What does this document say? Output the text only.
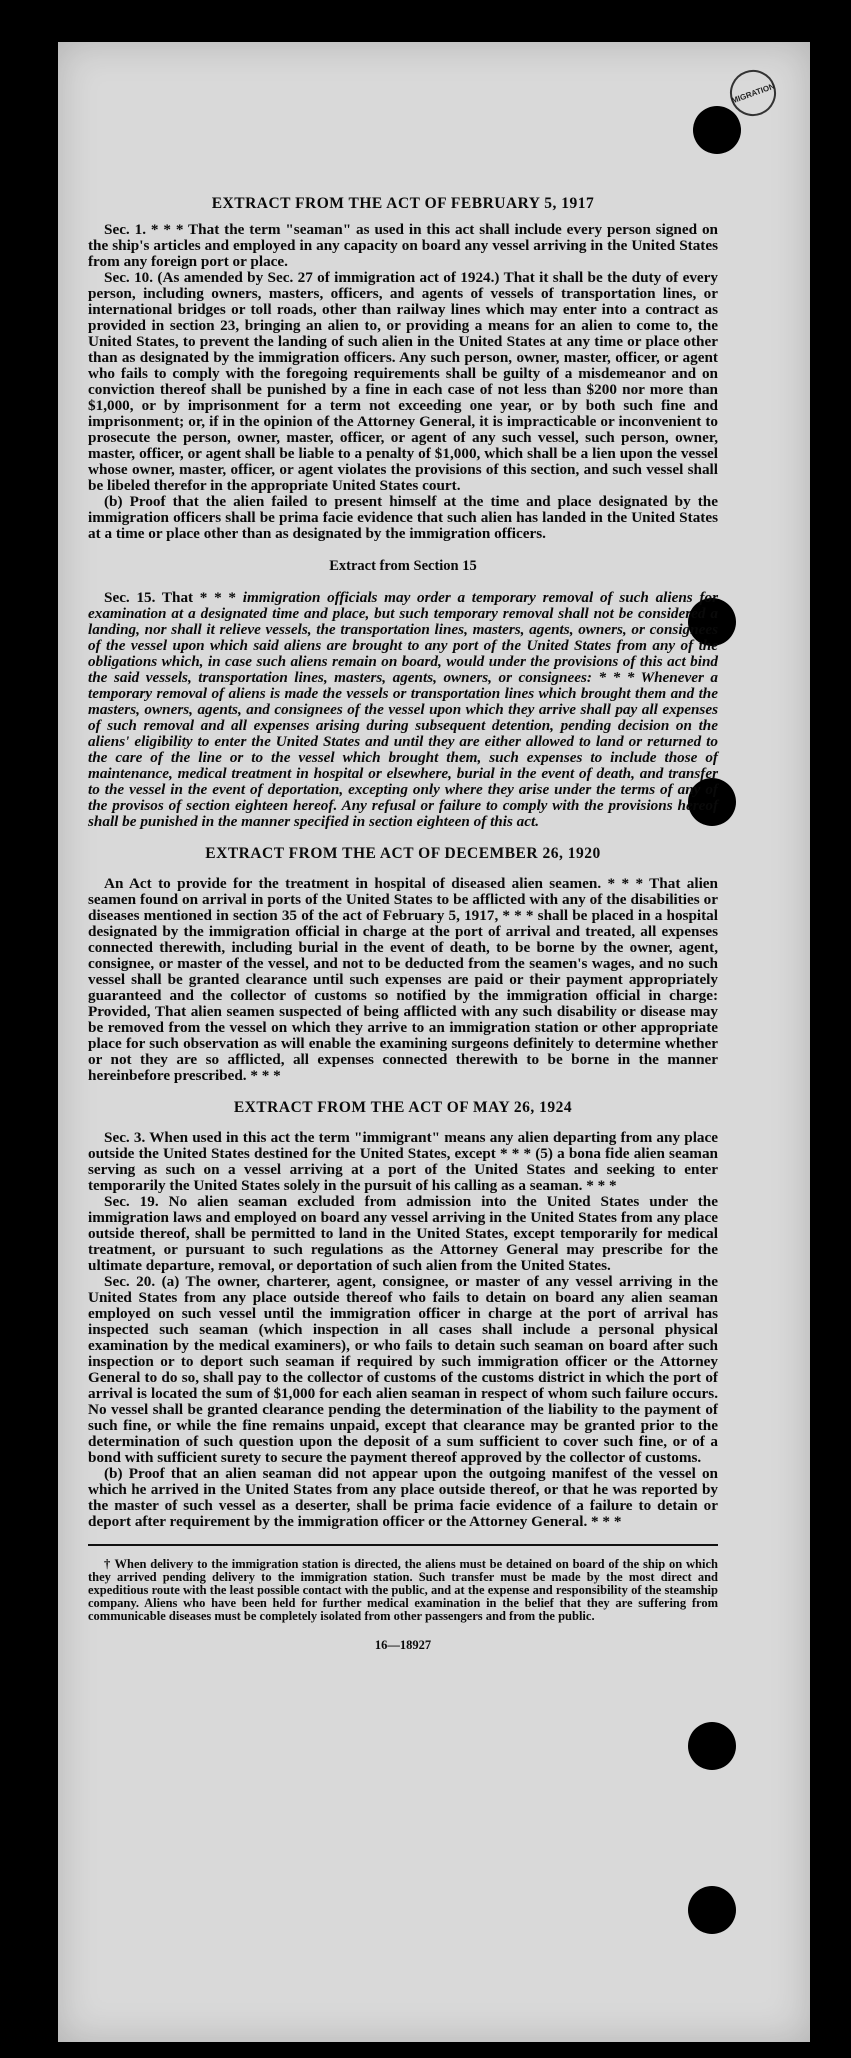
MIGRATION
EXTRACT FROM THE ACT OF FEBRUARY 5, 1917

Sec. 1. * * * That the term "seaman" as used in this act shall include every person signed on the ship's articles and employed in any capacity on board any vessel arriving in the United States from any foreign port or place.

Sec. 10. (As amended by Sec. 27 of immigration act of 1924.) That it shall be the duty of every person, including owners, masters, officers, and agents of vessels of transportation lines, or international bridges or toll roads, other than railway lines which may enter into a contract as provided in section 23, bringing an alien to, or providing a means for an alien to come to, the United States, to prevent the landing of such alien in the United States at any time or place other than as designated by the immigration officers. Any such person, owner, master, officer, or agent who fails to comply with the foregoing requirements shall be guilty of a misdemeanor and on conviction thereof shall be punished by a fine in each case of not less than $200 nor more than $1,000, or by imprisonment for a term not exceeding one year, or by both such fine and imprisonment; or, if in the opinion of the Attorney General, it is impracticable or inconvenient to prosecute the person, owner, master, officer, or agent of any such vessel, such person, owner, master, officer, or agent shall be liable to a penalty of $1,000, which shall be a lien upon the vessel whose owner, master, officer, or agent violates the provisions of this section, and such vessel shall be libeled therefor in the appropriate United States court.

(b) Proof that the alien failed to present himself at the time and place designated by the immigration officers shall be prima facie evidence that such alien has landed in the United States at a time or place other than as designated by the immigration officers.

Extract from Section 15

Sec. 15. That * * * immigration officials may order a temporary removal of such aliens for examination at a designated time and place, but such temporary removal shall not be considered a landing, nor shall it relieve vessels, the transportation lines, masters, agents, owners, or consignees of the vessel upon which said aliens are brought to any port of the United States from any of the obligations which, in case such aliens remain on board, would under the provisions of this act bind the said vessels, transportation lines, masters, agents, owners, or consignees: * * * Whenever a temporary removal of aliens is made the vessels or transportation lines which brought them and the masters, owners, agents, and consignees of the vessel upon which they arrive shall pay all expenses of such removal and all expenses arising during subsequent detention, pending decision on the aliens' eligibility to enter the United States and until they are either allowed to land or returned to the care of the line or to the vessel which brought them, such expenses to include those of maintenance, medical treatment in hospital or elsewhere, burial in the event of death, and transfer to the vessel in the event of deportation, excepting only where they arise under the terms of any of the provisos of section eighteen hereof. Any refusal or failure to comply with the provisions hereof shall be punished in the manner specified in section eighteen of this act.

EXTRACT FROM THE ACT OF DECEMBER 26, 1920

An Act to provide for the treatment in hospital of diseased alien seamen. * * * That alien seamen found on arrival in ports of the United States to be afflicted with any of the disabilities or diseases mentioned in section 35 of the act of February 5, 1917, * * * shall be placed in a hospital designated by the immigration official in charge at the port of arrival and treated, all expenses connected therewith, including burial in the event of death, to be borne by the owner, agent, consignee, or master of the vessel, and not to be deducted from the seamen's wages, and no such vessel shall be granted clearance until such expenses are paid or their payment appropriately guaranteed and the collector of customs so notified by the immigration official in charge: Provided, That alien seamen suspected of being afflicted with any such disability or disease may be removed from the vessel on which they arrive to an immigration station or other appropriate place for such observation as will enable the examining surgeons definitely to determine whether or not they are so afflicted, all expenses connected therewith to be borne in the manner hereinbefore prescribed. * * *

EXTRACT FROM THE ACT OF MAY 26, 1924

Sec. 3. When used in this act the term "immigrant" means any alien departing from any place outside the United States destined for the United States, except * * * (5) a bona fide alien seaman serving as such on a vessel arriving at a port of the United States and seeking to enter temporarily the United States solely in the pursuit of his calling as a seaman. * * *

Sec. 19. No alien seaman excluded from admission into the United States under the immigration laws and employed on board any vessel arriving in the United States from any place outside thereof, shall be permitted to land in the United States, except temporarily for medical treatment, or pursuant to such regulations as the Attorney General may prescribe for the ultimate departure, removal, or deportation of such alien from the United States.

Sec. 20. (a) The owner, charterer, agent, consignee, or master of any vessel arriving in the United States from any place outside thereof who fails to detain on board any alien seaman employed on such vessel until the immigration officer in charge at the port of arrival has inspected such seaman (which inspection in all cases shall include a personal physical examination by the medical examiners), or who fails to detain such seaman on board after such inspection or to deport such seaman if required by such immigration officer or the Attorney General to do so, shall pay to the collector of customs of the customs district in which the port of arrival is located the sum of $1,000 for each alien seaman in respect of whom such failure occurs. No vessel shall be granted clearance pending the determination of the liability to the payment of such fine, or while the fine remains unpaid, except that clearance may be granted prior to the determination of such question upon the deposit of a sum sufficient to cover such fine, or of a bond with sufficient surety to secure the payment thereof approved by the collector of customs.

(b) Proof that an alien seaman did not appear upon the outgoing manifest of the vessel on which he arrived in the United States from any place outside thereof, or that he was reported by the master of such vessel as a deserter, shall be prima facie evidence of a failure to detain or deport after requirement by the immigration officer or the Attorney General. * * *

† When delivery to the immigration station is directed, the aliens must be detained on board of the ship on which they arrived pending delivery to the immigration station. Such transfer must be made by the most direct and expeditious route with the least possible contact with the public, and at the expense and responsibility of the steamship company. Aliens who have been held for further medical examination in the belief that they are suffering from communicable diseases must be completely isolated from other passengers and from the public.

16—18927
